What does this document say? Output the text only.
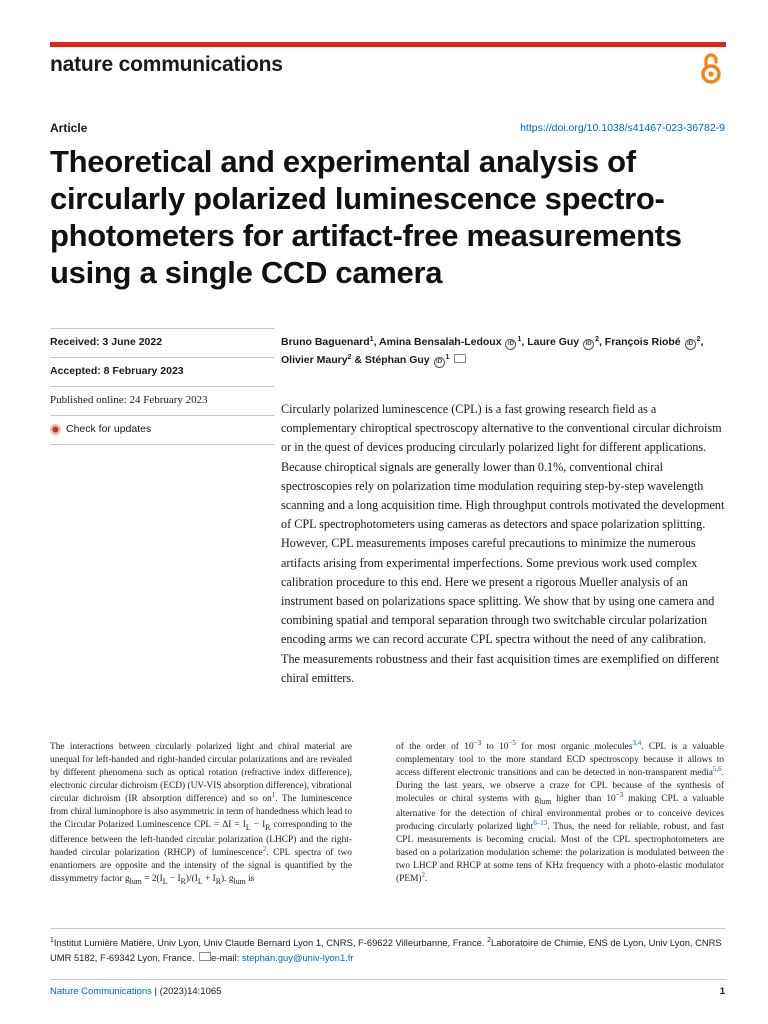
nature communications
Article	https://doi.org/10.1038/s41467-023-36782-9
Theoretical and experimental analysis of circularly polarized luminescence spectro-photometers for artifact-free measurements using a single CCD camera
Received: 3 June 2022
Accepted: 8 February 2023
Published online: 24 February 2023
Check for updates
Bruno Baguenard$^1$, Amina Bensalah-Ledoux $iD^1$, Laure Guy $iD^2$, François Riobé $iD^2$,
Olivier Maury$^2$ & Stéphan Guy $iD^1$
Circularly polarized luminescence (CPL) is a fast growing research field as a complementary chiroptical spectroscopy alternative to the conventional circular dichroism or in the quest of devices producing circularly polarized light for different applications. Because chiroptical signals are generally lower than 0.1%, conventional chiral spectroscopies rely on polarization time modulation requiring step-by-step wavelength scanning and a long acquisition time. High throughput controls motivated the development of CPL spectrophotometers using cameras as detectors and space polarization splitting. However, CPL measurements imposes careful precautions to minimize the numerous artifacts arising from experimental imperfections. Some previous work used complex calibration procedure to this end. Here we present a rigorous Mueller analysis of an instrument based on polarizations space splitting. We show that by using one camera and combining spatial and temporal separation through two switchable circular polarization encoding arms we can record accurate CPL spectra without the need of any calibration. The measurements robustness and their fast acquisition times are exemplified on different chiral emitters.
The interactions between circularly polarized light and chiral material are unequal for left-handed and right-handed circular polarizations and are revealed by different phenomena such as optical rotation (refractive index difference), electronic circular dichroism (ECD) (UV-VIS absorption difference), vibrational circular dichroism (IR absorption difference) and so on$^1$. The luminescence from chiral luminophore is also asymmetric in term of handedness which lead to the Circular Polarized Luminescence CPL = $\Delta I = I_L - I_R$ corresponding to the difference between the left-handed circular polarization (LHCP) and the right-handed circular polarization (RHCP) of luminescence$^2$. CPL spectra of two enantiomers are opposite and the intensity of the signal is quantified by the dissymmetry factor $g_{lum} = 2(I_L - I_R)/(I_L + I_R)$. $g_{lum}$ is
of the order of $10^{-3}$ to $10^{-5}$ for most organic molecules$^{3,4}$. CPL is a valuable complementary tool to the more standard ECD spectroscopy because it allows to access different electronic transitions and can be detected in non-transparent media$^{5,6}$. During the last years, we observe a craze for CPL because of the synthesis of molecules or chiral systems with $g_{lum}$ higher than $10^{-3}$ making CPL a valuable alternative for the detection of chiral environmental probes or to conceive devices producing circularly polarized light$^{6-13}$. Thus, the need for reliable, robust, and fast CPL measurements is becoming crucial. Most of the CPL spectrophotometers are based on a polarization modulation scheme: the polarization is modulated between the two LHCP and RHCP at some tens of KHz frequency with a photo-elastic modulator (PEM)$^2$.
$^1$Institut Lumière Matière, Univ Lyon, Univ Claude Bernard Lyon 1, CNRS, F-69622 Villeurbanne, France. $^2$Laboratoire de Chimie, ENS de Lyon, Univ Lyon, CNRS UMR 5182, F-69342 Lyon, France. e-mail: stephan.guy@univ-lyon1.fr
Nature Communications | (2023)14:1065	1
